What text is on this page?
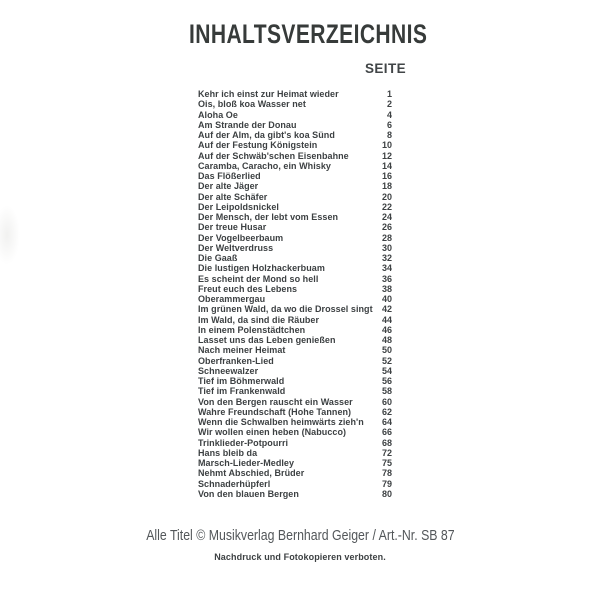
INHALTSVERZEICHNIS
SEITE
Kehr ich einst zur Heimat wieder	1
Ois, bloß koa Wasser net	2
Aloha Oe	4
Am Strande der Donau	6
Auf der Alm, da gibt's koa Sünd	8
Auf der Festung Königstein	10
Auf der Schwäb'schen Eisenbahne	12
Caramba, Caracho, ein Whisky	14
Das Flößerlied	16
Der alte Jäger	18
Der alte Schäfer	20
Der Leipoldsnickel	22
Der Mensch, der lebt vom Essen	24
Der treue Husar	26
Der Vogelbeerbaum	28
Der Weltverdruss	30
Die Gaaß	32
Die lustigen Holzhackerbuam	34
Es scheint der Mond so hell	36
Freut euch des Lebens	38
Oberammergau	40
Im grünen Wald, da wo die Drossel singt	42
Im Wald, da sind die Räuber	44
In einem Polenstädtchen	46
Lasset uns das Leben genießen	48
Nach meiner Heimat	50
Oberfranken-Lied	52
Schneewalzer	54
Tief im Böhmerwald	56
Tief im Frankenwald	58
Von den Bergen rauscht ein Wasser	60
Wahre Freundschaft (Hohe Tannen)	62
Wenn die Schwalben heimwärts zieh'n	64
Wir wollen einen heben (Nabucco)	66
Trinklieder-Potpourri	68
Hans bleib da	72
Marsch-Lieder-Medley	75
Nehmt Abschied, Brüder	78
Schnaderhüpferl	79
Von den blauen Bergen	80
Alle Titel © Musikverlag Bernhard Geiger / Art.-Nr. SB 87
Nachdruck und Fotokopieren verboten.
